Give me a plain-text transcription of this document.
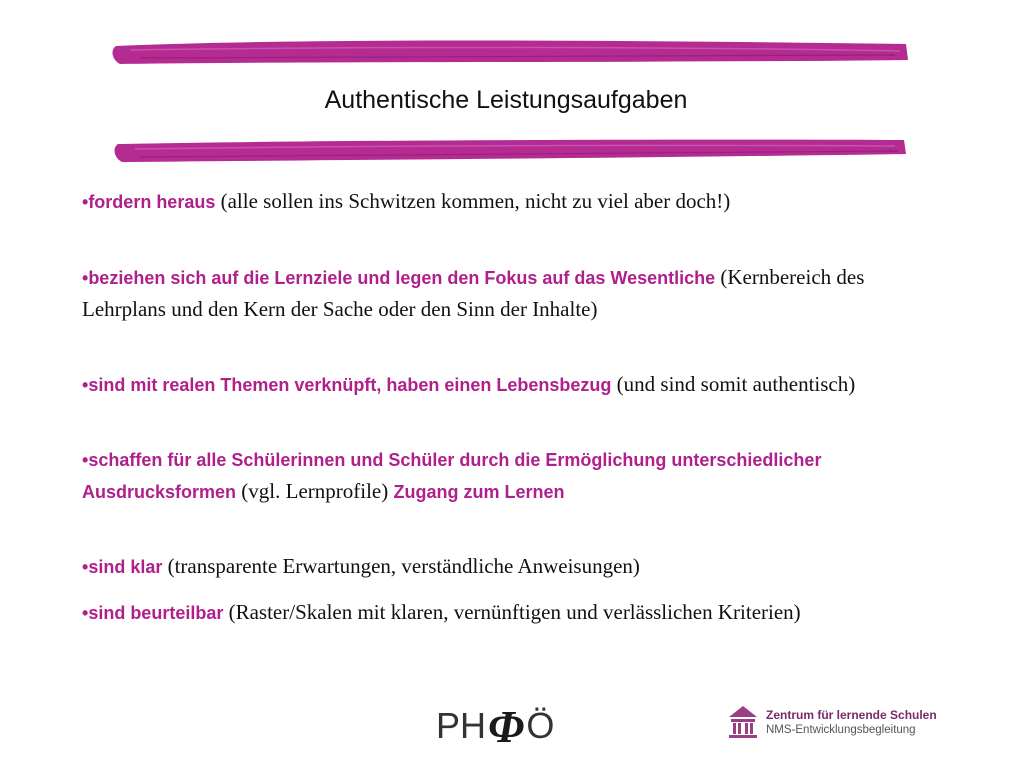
Authentische Leistungsaufgaben

•fordern heraus (alle sollen ins Schwitzen kommen, nicht zu viel aber doch!)

•beziehen sich auf die Lernziele und legen den Fokus auf das Wesentliche (Kernbereich des Lehrplans und den Kern der Sache oder den Sinn der Inhalte)

•sind mit realen Themen verknüpft, haben einen Lebensbezug (und sind somit authentisch)

•schaffen für alle Schülerinnen und Schüler durch die Ermöglichung unterschiedlicher Ausdrucksformen (vgl. Lernprofile) Zugang zum Lernen

•sind klar (transparente Erwartungen, verständliche Anweisungen)

•sind beurteilbar (Raster/Skalen mit klaren, vernünftigen und verlässlichen Kriterien)

PH Φ Ö	Zentrum für lernende Schulen
NMS-Entwicklungsbegleitung
